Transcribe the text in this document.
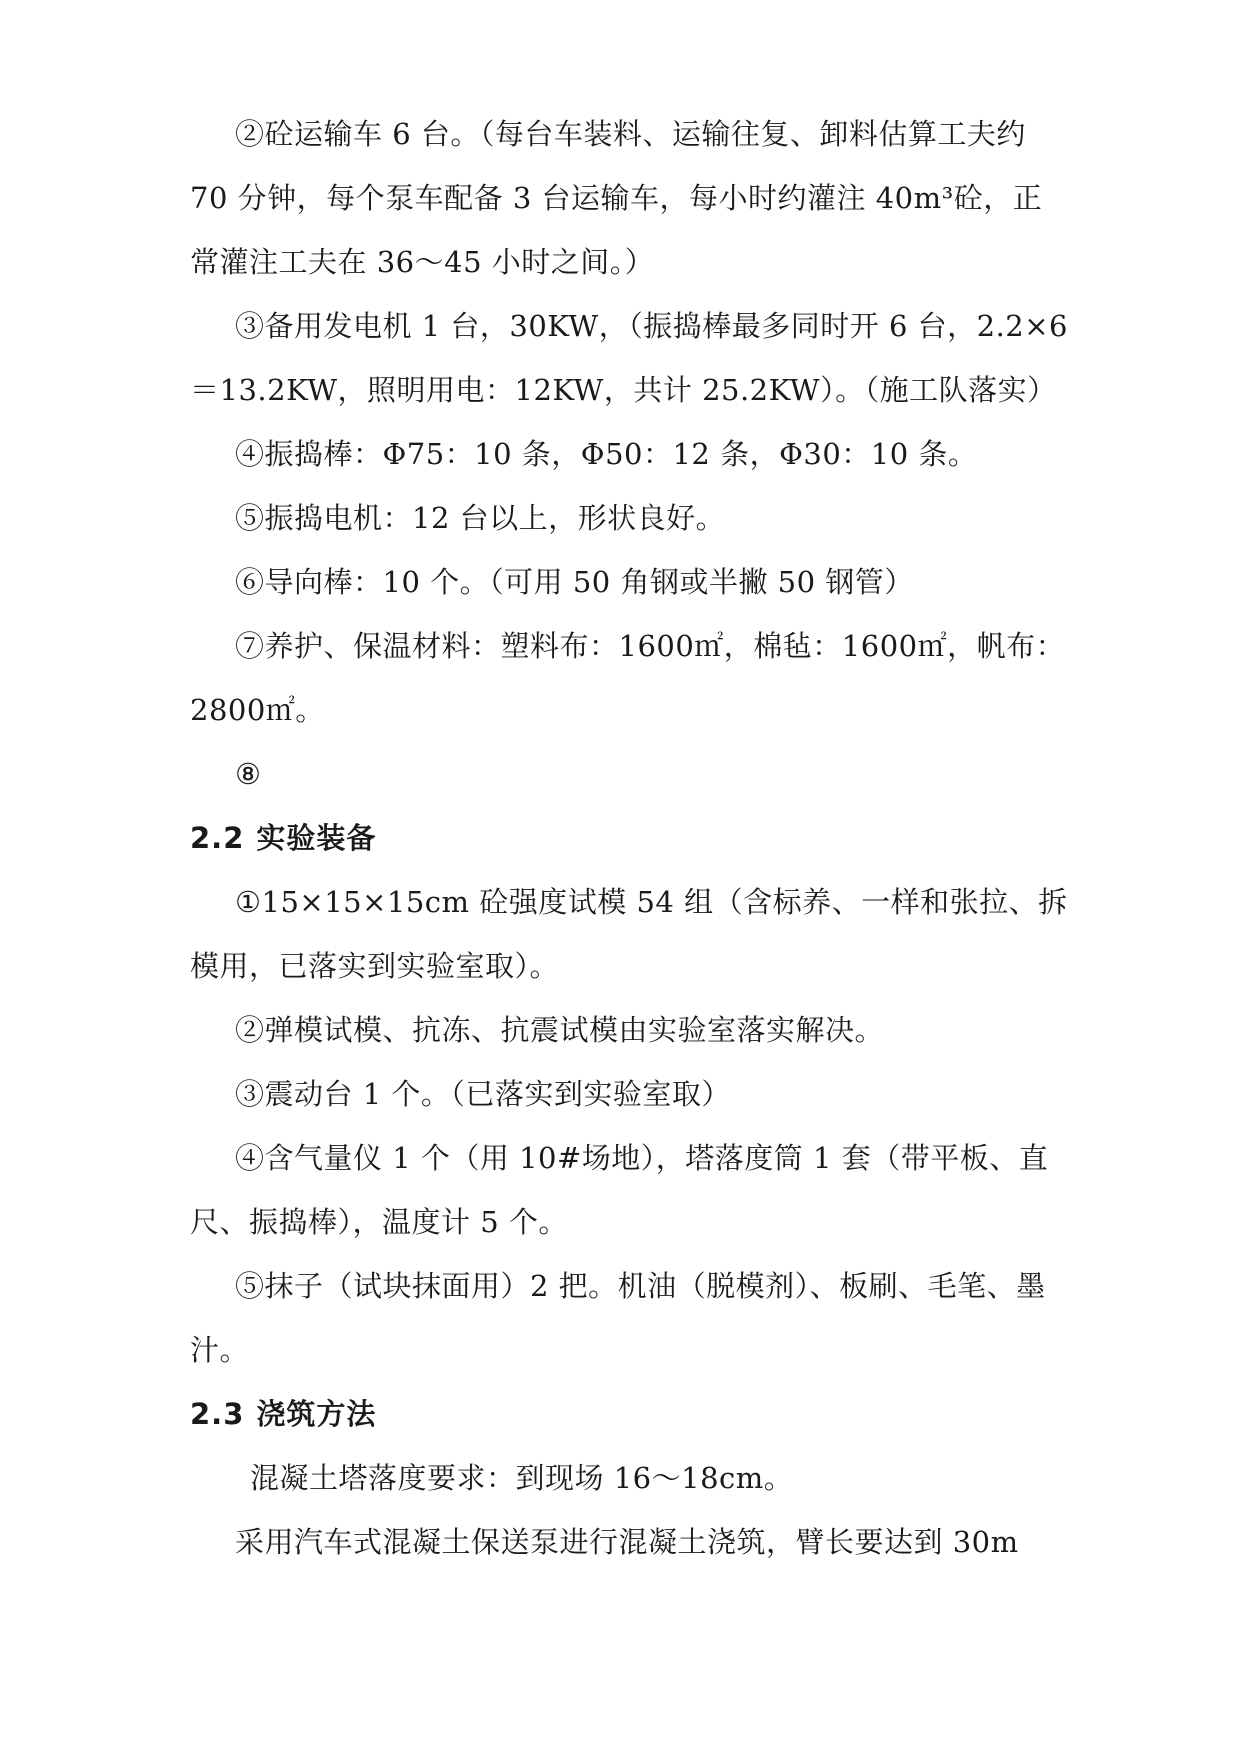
②砼运输车 6 台。（每台车装料、运输往复、卸料估算工夫约 70 分钟，每个泵车配备 3 台运输车，每小时约灌注 40m³砼，正常灌注工夫在 36～45 小时之间。）

③备用发电机 1 台，30KW，（振捣棒最多同时开 6 台，2.2×6＝13.2KW，照明用电：12KW，共计 25.2KW）。（施工队落实）

④振捣棒：Φ75：10 条，Φ50：12 条，Φ30：10 条。

⑤振捣电机：12 台以上，形状良好。

⑥导向棒：10 个。（可用 50 角钢或半撇 50 钢管）

⑦养护、保温材料：塑料布：1600㎡，棉毡：1600㎡，帆布：2800㎡。

⑧

2.2 实验装备

①15×15×15cm 砼强度试模 54 组（含标养、一样和张拉、拆模用，已落实到实验室取）。

②弹模试模、抗冻、抗震试模由实验室落实解决。

③震动台 1 个。（已落实到实验室取）

④含气量仪 1 个（用 10#场地），塔落度筒 1 套（带平板、直尺、振捣棒），温度计 5 个。

⑤抹子（试块抹面用）2 把。机油（脱模剂）、板刷、毛笔、墨汁。

2.3 浇筑方法

混凝土塔落度要求：到现场 16～18cm。

采用汽车式混凝土保送泵进行混凝土浇筑，臂长要达到 30m
